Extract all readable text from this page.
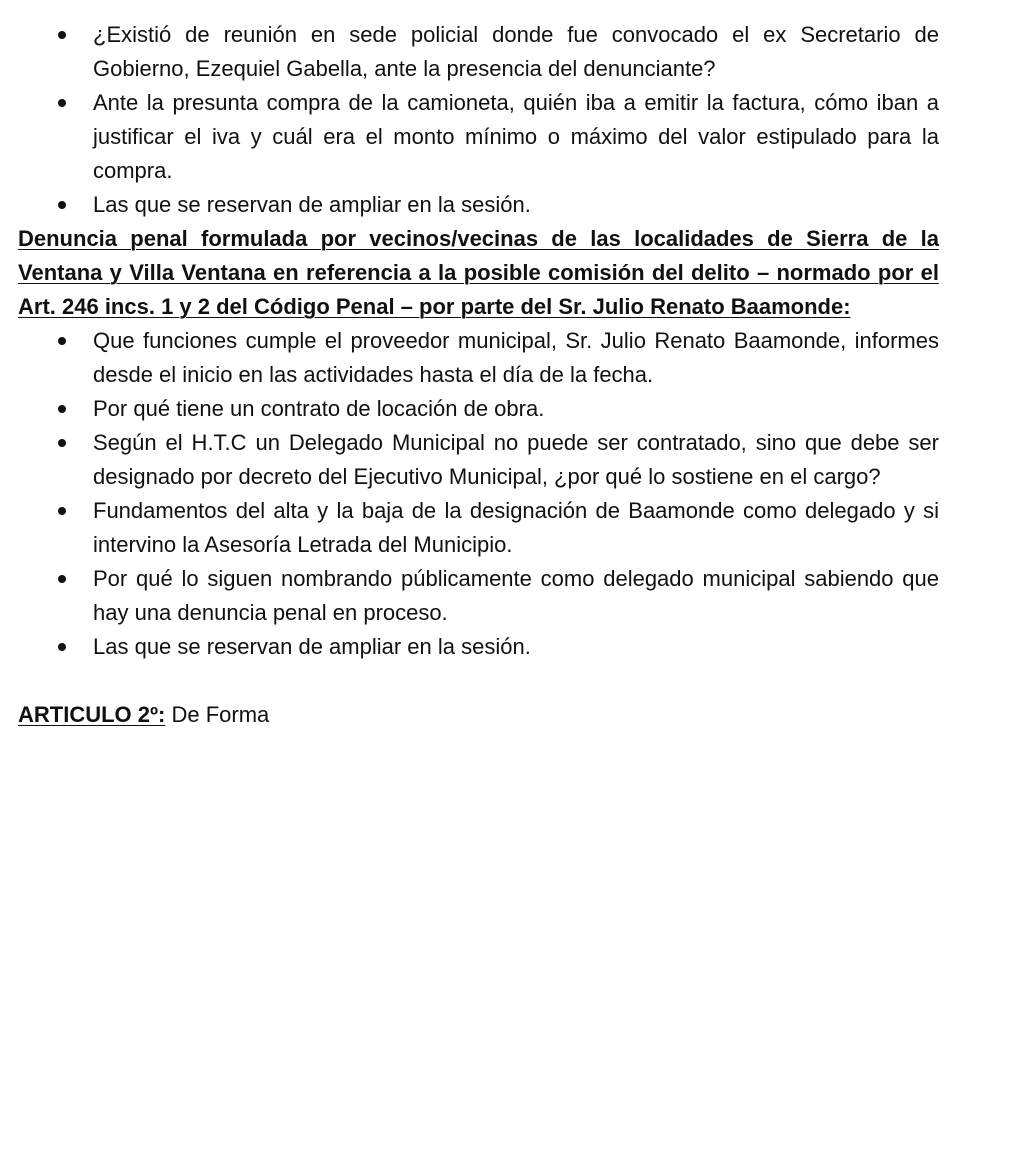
¿Existió de reunión en sede policial donde fue convocado el ex Secretario de Gobierno, Ezequiel Gabella, ante la presencia del denunciante?
Ante la presunta compra de la camioneta, quién iba a emitir la factura, cómo iban a justificar el iva y cuál era el monto mínimo o máximo del valor estipulado para la compra.
Las que se reservan de ampliar en la sesión.

Denuncia penal formulada por vecinos/vecinas de las localidades de Sierra de la Ventana y Villa Ventana en referencia a la posible comisión del delito – normado por el Art. 246 incs. 1 y 2 del Código Penal – por parte del Sr. Julio Renato Baamonde:

Que funciones cumple el proveedor municipal, Sr. Julio Renato Baamonde, informes desde el inicio en las actividades hasta el día de la fecha.
Por qué tiene un contrato de locación de obra.
Según el H.T.C un Delegado Municipal no puede ser contratado, sino que debe ser designado por decreto del Ejecutivo Municipal, ¿por qué lo sostiene en el cargo?
Fundamentos del alta y la baja de la designación de Baamonde como delegado y si intervino la Asesoría Letrada del Municipio.
Por qué lo siguen nombrando públicamente como delegado municipal sabiendo que hay una denuncia penal en proceso.
Las que se reservan de ampliar en la sesión.

ARTICULO 2º: De Forma
